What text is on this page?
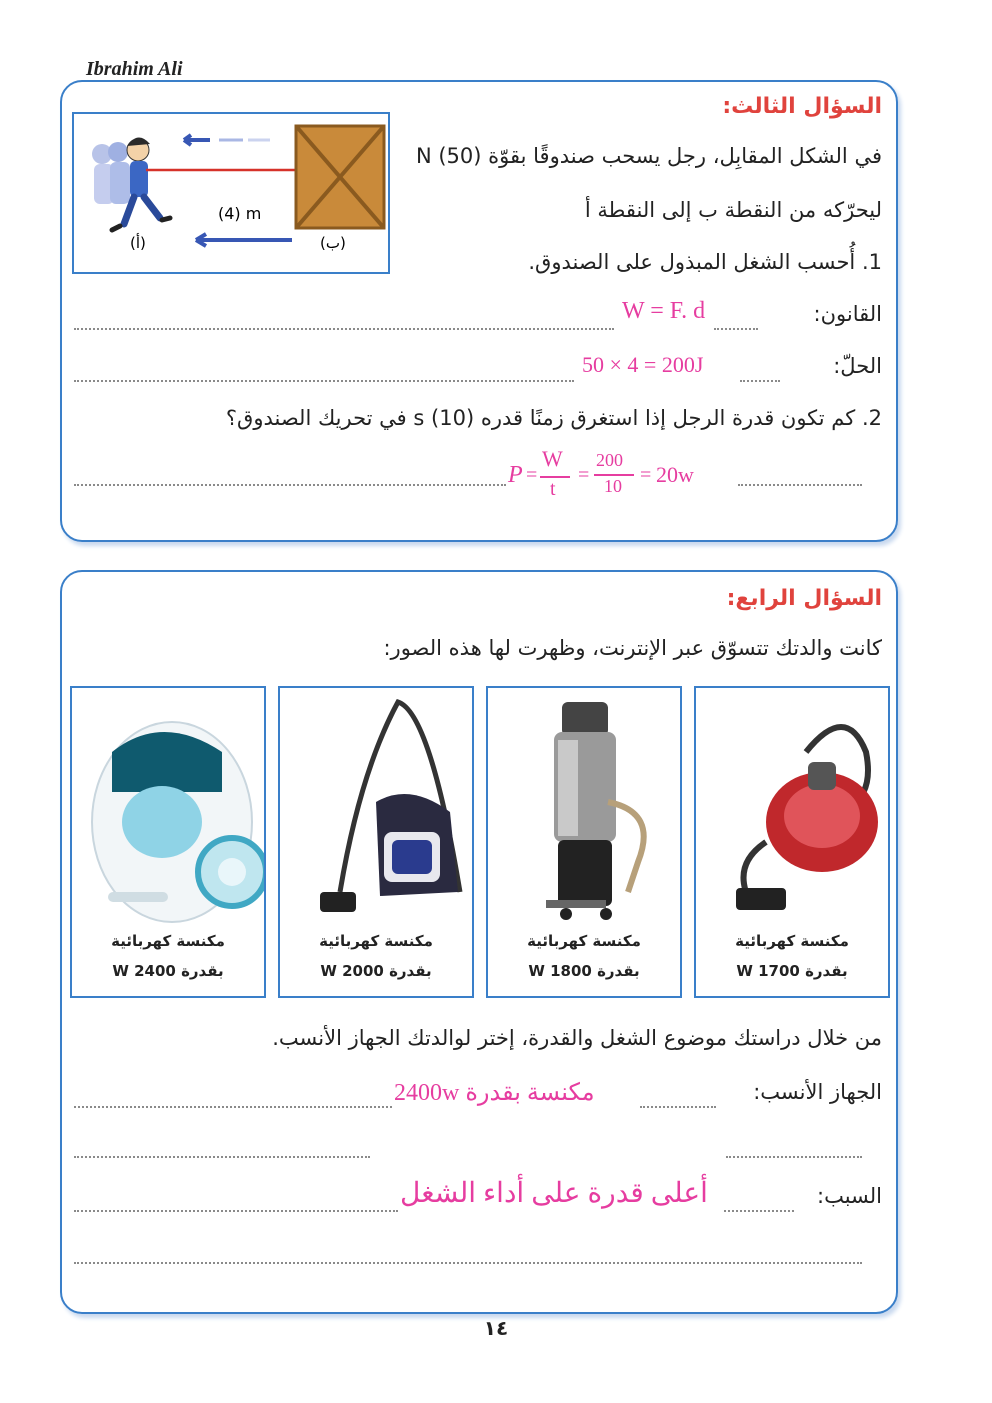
Ibrahim Ali
السؤال الثالث:
في الشكل المقابِل، رجل يسحب صندوقًا بقوّة (50) N
ليحرّكه من النقطة ب إلى النقطة أ
(4) m
(أ)	(ب)
1. أُحسب الشغل المبذول على الصندوق.
القانون:
W = F. d
الحلّ:
50 × 4 = 200J
2. كم تكون قدرة الرجل إذا استغرق زمنًا قدره (10) s في تحريك الصندوق؟
P =
W
t
=
200
10 = 20w
السؤال الرابع:
كانت والدتك تتسوّق عبر الإنترنت، وظهرت لها هذه الصور:
مكنسة كهربائية
بقدرة W 1700
مكنسة كهربائية
بقدرة W 1800
مكنسة كهربائية
بقدرة W 2000
مكنسة كهربائية
بقدرة W 2400
من خلال دراستك موضوع الشغل والقدرة، إختر لوالدتك الجهاز الأنسب.
الجهاز الأنسب:
مكنسة بقدرة 2400w
السبب:
أعلى قدرة على أداء الشغل
١٤
